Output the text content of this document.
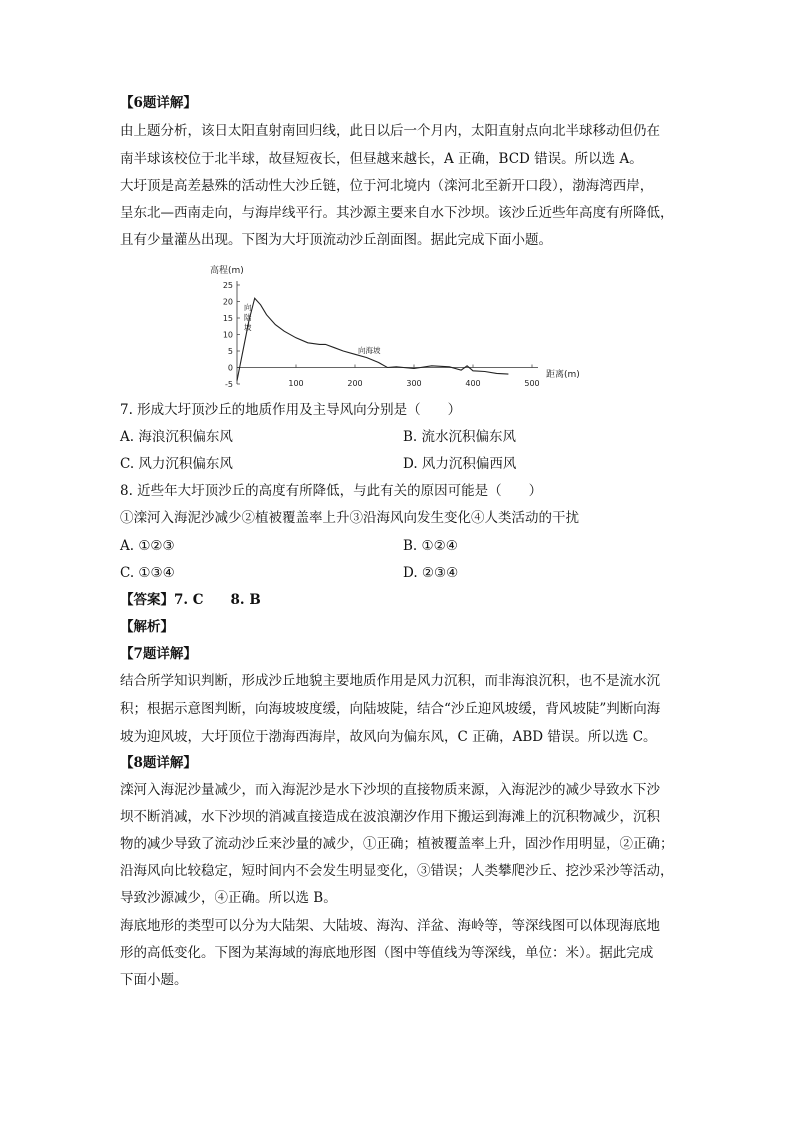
【6题详解】
由上题分析，该日太阳直射南回归线，此日以后一个月内，太阳直射点向北半球移动但仍在
南半球该校位于北半球，故昼短夜长，但昼越来越长，A 正确，BCD 错误。所以选 A。
大圩顶是高差悬殊的活动性大沙丘链，位于河北境内（滦河北至新开口段），渤海湾西岸，
呈东北—西南走向，与海岸线平行。其沙源主要来自水下沙坝。该沙丘近些年高度有所降低，
且有少量灌丛出现。下图为大圩顶流动沙丘剖面图。据此完成下面小题。
高程(m)
距离(m)
向陆坡
向海坡
25
20
15
10
5
0
-5	100	200	300	400	500
7. 形成大圩顶沙丘的地质作用及主导风向分别是（　　）
A. 海浪沉积偏东风	B. 流水沉积偏东风
C. 风力沉积偏东风	D. 风力沉积偏西风
8. 近些年大圩顶沙丘的高度有所降低，与此有关的原因可能是（　　）
①滦河入海泥沙减少②植被覆盖率上升③沿海风向发生变化④人类活动的干扰
A. ①②③	B. ①②④
C. ①③④	D. ②③④
【答案】7. C　　8. B
【解析】
【7题详解】
结合所学知识判断，形成沙丘地貌主要地质作用是风力沉积，而非海浪沉积，也不是流水沉
积；根据示意图判断，向海坡坡度缓，向陆坡陡，结合“沙丘迎风坡缓，背风坡陡”判断向海
坡为迎风坡，大圩顶位于渤海西海岸，故风向为偏东风，C 正确，ABD 错误。所以选 C。
【8题详解】
滦河入海泥沙量减少，而入海泥沙是水下沙坝的直接物质来源，入海泥沙的减少导致水下沙
坝不断消减，水下沙坝的消减直接造成在波浪潮汐作用下搬运到海滩上的沉积物减少，沉积
物的减少导致了流动沙丘来沙量的减少，①正确；植被覆盖率上升，固沙作用明显，②正确；
沿海风向比较稳定，短时间内不会发生明显变化，③错误；人类攀爬沙丘、挖沙采沙等活动，
导致沙源减少，④正确。所以选 B。
海底地形的类型可以分为大陆架、大陆坡、海沟、洋盆、海岭等，等深线图可以体现海底地
形的高低变化。下图为某海域的海底地形图（图中等值线为等深线，单位：米）。据此完成
下面小题。
